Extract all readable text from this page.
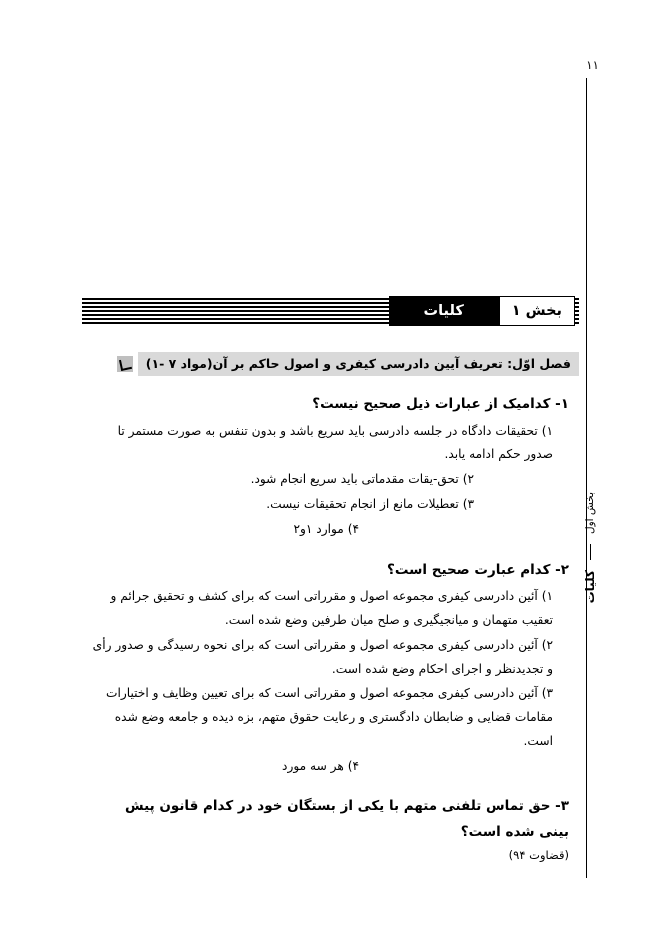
۱۱
بخش اول
کلیات
بخش ۱
کلیات
فصل اوّل: تعریف آیین دادرسی کیفری و اصول حاکم بر آن(مواد ۷ -۱)
۱- کدامیک از عبارات ذیل صحیح نیست؟
۱) تحقیقات دادگاه در جلسه دادرسی باید سریع باشد و بدون تنفس به صورت مستمر تا صدور حکم ادامه یابد.
۲) تحق-یقات مقدماتی باید سریع انجام شود.
۳) تعطیلات مانع از انجام تحقیقات نیست.
۴) موارد ۱و۲
۲- کدام عبارت صحیح است؟
۱) آئین دادرسی کیفری مجموعه اصول و مقرراتی است که برای کشف و تحقیق جرائم و تعقیب متهمان و میانجیگیری و صلح میان طرفین وضع شده است.
۲) آئین دادرسی کیفری مجموعه اصول و مقرراتی است که برای نحوه رسیدگی و صدور رأی و تجدیدنظر و اجرای احکام وضع شده است.
۳) آئین دادرسی کیفری مجموعه اصول و مقرراتی است که برای تعیین وظایف و اختیارات مقامات قضایی و ضابطان دادگستری و رعایت حقوق متهم، بزه دیده و جامعه وضع شده است.
۴) هر سه مورد
۳- حق تماس تلفنی متهم با یکی از بستگان خود در کدام قانون پیش بینی شده است؟
(قضاوت ۹۴)
